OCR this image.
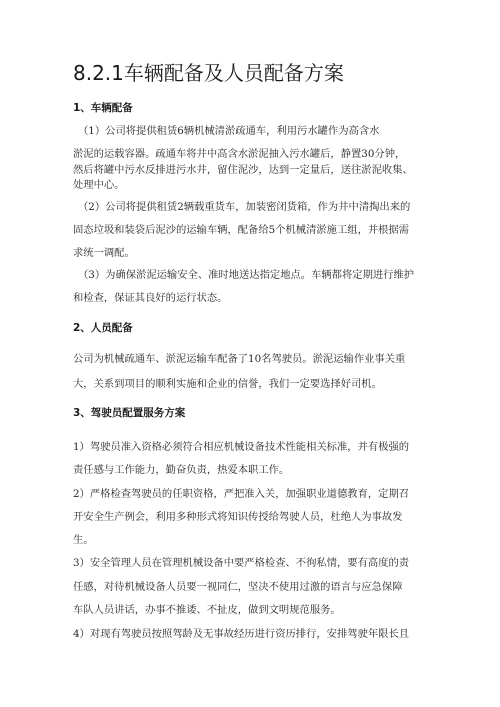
8.2.1车辆配备及人员配备方案
1、车辆配备
（1）公司将提供租赁6辆机械清淤疏通车，利用污水罐作为高含水
淤泥的运载容器。疏通车将井中高含水淤泥抽入污水罐后，静置30分钟，
然后将罐中污水反排进污水井，留住泥沙，达到一定量后，送往淤泥收集、
处理中心。
（2）公司将提供租赁2辆载重货车，加装密闭货箱，作为井中清掏出来的
固态垃圾和装袋后泥沙的运输车辆，配备给5个机械清淤施工组，并根据需
求统一调配。
（3）为确保淤泥运输安全、准时地送达指定地点。车辆都将定期进行维护
和检查，保证其良好的运行状态。
2、人员配备
公司为机械疏通车、淤泥运输车配备了10名驾驶员。淤泥运输作业事关重
大，关系到项目的顺利实施和企业的信誉，我们一定要选择好司机。
3、驾驶员配置服务方案
1）驾驶员准入资格必须符合相应机械设备技术性能相关标准，并有极强的
责任感与工作能力，勤奋负责，热爱本职工作。
2）严格检查驾驶员的任职资格，严把准入关，加强职业道德教育，定期召
开安全生产例会，利用多种形式将知识传授给驾驶人员，杜绝人为事故发
生。
3）安全管理人员在管理机械设备中要严格检查、不徇私情，要有高度的责
任感，对待机械设备人员要一视同仁，坚决不使用过激的语言与应急保障
车队人员讲话，办事不推诿、不扯皮，做到文明规范服务。
4）对现有驾驶员按照驾龄及无事故经历进行资历排行，安排驾驶年限长且
